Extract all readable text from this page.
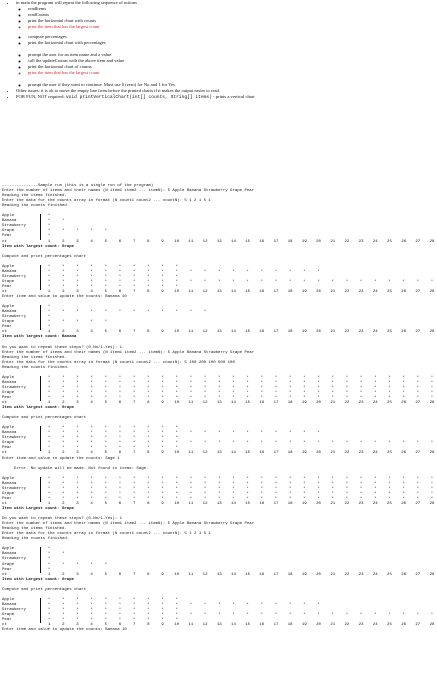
• in main the program will repeat the following sequence of actions
◦ readItems
◦ readCounts
◦ print the horizontal chart with counts
◦ print the item that has the largest count
◦ compute percentages
◦ print the horizontal chart with percentages
◦ prompt the user for an item name and a value
◦ call the updateCounts with the above item and value
◦ print the horizontal chart of counts
◦ print the item that has the largest count
◦ prompt the user if they want to continue. Must use 0 (zero) for No and 1 for Yes.
• Other issues: it is ok to move the empty line from before the printed charts if it makes the output easier to read.
• FOR FUN, NOT required: void printVerticalChart(int[] counts, String[] items) - prints a vertical chart
---------------Sample run (this is a single run of the program)
Enter the number of items and their names (N item1 item2 ... itemN): 5 Apple Banana Strawberry Grape Pear
Reading the items finished.
Enter the data for the counts array in format (N count1 count2 ... countN): 5 1 2 1 5 1
Reading the counts finished.
Apple	*
Banana	*	*
Strawberry	*
Grape	*	*	*	*	*
Pear	*
ct	1	2	3	4	5	6	7	8	9	10	11	12	13	14	15	16	17	18	19	20	21	22	23	24	25	26	27	28
Item with largest count: Grape
Compute and print percentages chart
Apple	*	*	*	*	*	*	*	*	*	*
Banana	*	*	*	*	*	*	*	*	*	*	*	*	*	*	*	*	*	*	*	*
Strawberry	*	*	*	*	*	*	*	*	*	*
Grape	*	*	*	*	*	*	*	*	*	*	*	*	*	*	*	*	*	*	*	*	*	*	*	*	*	*	*	*
Pear	*	*	*	*	*	*	*	*	*	*
ct	1	2	3	4	5	6	7	8	9	10	11	12	13	14	15	16	17	18	19	20	21	22	23	24	25	26	27	28
Enter item and value to update the counts: Banana 10
Apple	*
Banana	*	*	*	*	*	*	*	*	*	*	*	*
Strawberry	*
Grape	*	*	*	*	*
Pear	*
ct	1	2	3	4	5	6	7	8	9	10	11	12	13	14	15	16	17	18	19	20	21	22	23	24	25	26	27	28
Item with largest count: Banana
Do you want to repeat these steps? (0-No/1-Yes): 1
Enter the number of items and their names (N item1 item2 ... itemN): 5 Apple Banana Strawberry Grape Pear
Reading the items finished.
Enter the data for the counts array in format (N count1 count2 ... countN): 5 100 200 100 500 100
Reading the counts finished.
Apple	*	*	*	*	*	*	*	*	*	*	*	*	*	*	*	*	*	*	*	*	*	*	*	*	*	*	*	*
Banana	*	*	*	*	*	*	*	*	*	*	*	*	*	*	*	*	*	*	*	*	*	*	*	*	*	*	*	*
Strawberry	*	*	*	*	*	*	*	*	*	*	*	*	*	*	*	*	*	*	*	*	*	*	*	*	*	*	*	*
Grape	*	*	*	*	*	*	*	*	*	*	*	*	*	*	*	*	*	*	*	*	*	*	*	*	*	*	*	*
Pear	*	*	*	*	*	*	*	*	*	*	*	*	*	*	*	*	*	*	*	*	*	*	*	*	*	*	*	*
ct	1	2	3	4	5	6	7	8	9	10	11	12	13	14	15	16	17	18	19	20	21	22	23	24	25	26	27	28
Item with largest count: Grape
Compute and print percentages chart
Apple	*	*	*	*	*	*	*	*	*	*
Banana	*	*	*	*	*	*	*	*	*	*	*	*	*	*	*	*	*	*	*	*
Strawberry	*	*	*	*	*	*	*	*	*	*
Grape	*	*	*	*	*	*	*	*	*	*	*	*	*	*	*	*	*	*	*	*	*	*	*	*	*	*	*	*
Pear	*	*	*	*	*	*	*	*	*	*
ct	1	2	3	4	5	6	7	8	9	10	11	12	13	14	15	16	17	18	19	20	21	22	23	24	25	26	27	28
Enter item and value to update the counts: Sage 1
Error. No update will be made. Not found in items: Sage.
Apple	*	*	*	*	*	*	*	*	*	*	*	*	*	*	*	*	*	*	*	*	*	*	*	*	*	*	*	*
Banana	*	*	*	*	*	*	*	*	*	*	*	*	*	*	*	*	*	*	*	*	*	*	*	*	*	*	*	*
Strawberry	*	*	*	*	*	*	*	*	*	*	*	*	*	*	*	*	*	*	*	*	*	*	*	*	*	*	*	*
Grape	*	*	*	*	*	*	*	*	*	*	*	*	*	*	*	*	*	*	*	*	*	*	*	*	*	*	*	*
Pear	*	*	*	*	*	*	*	*	*	*	*	*	*	*	*	*	*	*	*	*	*	*	*	*	*	*	*	*
ct	1	2	3	4	5	6	7	8	9	10	11	12	13	14	15	16	17	18	19	20	21	22	23	24	25	26	27	28
Item with Largest count: Grape
Do you want to repeat these steps? (0-No/1-Yes): 1
Enter the number of items and their names (N item1 item2 ... itemN): 5 Apple Banana Strawberry Grape Pear
Reading the items finished.
Enter the data for the counts array in format (N count1 count2 ... countN): 5 1 2 1 5 1
Reading the counts finished.
Apple	*
Banana	*	*
Strawberry	*
Grape	*	*	*	*	*
Pear	*
ct	1	2	3	4	5	6	7	8	9	10	11	12	13	14	15	16	17	18	19	20	21	22	23	24	25	26	27	28
Item with Largest count: Grape
Compute and print percentages chart
Apple	*	*	*	*	*	*	*	*	*	*
Banana	*	*	*	*	*	*	*	*	*	*	*	*	*	*	*	*	*	*	*	*
Strawberry	*	*	*	*	*	*	*	*	*	*
Grape	*	*	*	*	*	*	*	*	*	*	*	*	*	*	*	*	*	*	*	*	*	*	*	*	*	*	*	*
Pear	*	*	*	*	*	*	*	*	*	*
ct	1	2	3	4	5	6	7	8	9	10	11	12	13	14	15	16	17	18	19	20	21	22	23	24	25	26	27	28
Enter item and value to update the counts: Banana 10
